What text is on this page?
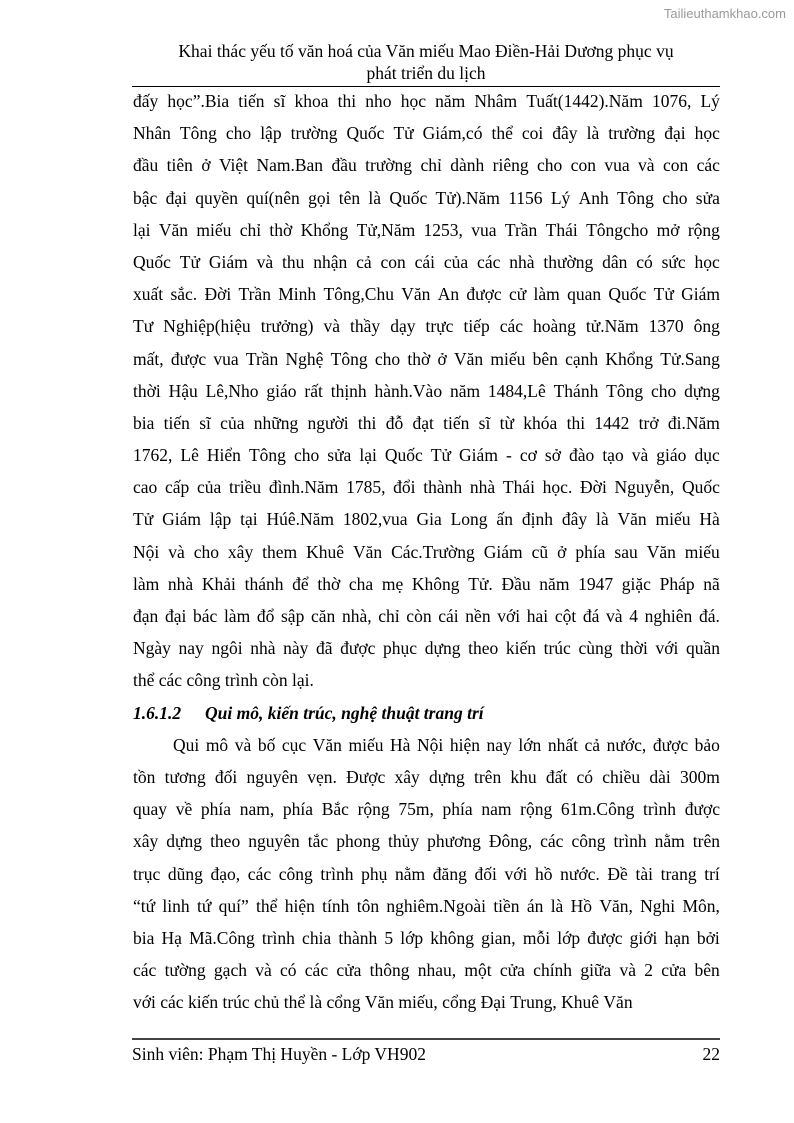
Tailieuthamkhao.com
Khai thác yếu tố văn hoá của Văn miếu Mao Điền-Hải Dương phục vụ
phát triển du lịch
đấy học”.Bia tiến sĩ khoa thi nho học năm Nhâm Tuất(1442).Năm 1076, Lý
Nhân Tông cho lập trường Quốc Tử Giám,có thể coi đây là trường đại học
đầu tiên ở Việt Nam.Ban đầu trường chỉ dành riêng cho con vua và con các
bậc đại quyền quí(nên gọi tên là Quốc Tử).Năm 1156 Lý Anh Tông cho sửa
lại Văn miếu chỉ thờ Khổng Tử,Năm 1253, vua Trần Thái Tôngcho mở rộng
Quốc Tử Giám và thu nhận cả con cái của các nhà thường dân có sức học
xuất sắc. Đời Trần Minh Tông,Chu Văn An được cử làm quan Quốc Tử Giám
Tư Nghiệp(hiệu trưởng) và thầy dạy trực tiếp các hoàng tử.Năm 1370 ông
mất, được vua Trần Nghệ Tông cho thờ ở Văn miếu bên cạnh Khổng Tử.Sang
thời Hậu Lê,Nho giáo rất thịnh hành.Vào năm 1484,Lê Thánh Tông cho dựng
bia tiến sĩ của những người thi đỗ đạt tiến sĩ từ khóa thi 1442 trở đi.Năm
1762, Lê Hiển Tông cho sửa lại Quốc Tử Giám - cơ sở đào tạo và giáo dục
cao cấp của triều đình.Năm 1785, đổi thành nhà Thái học. Đời Nguyễn, Quốc
Tử Giám lập tại Húê.Năm 1802,vua Gia Long ấn định đây là Văn miếu Hà
Nội và cho xây them Khuê Văn Các.Trường Giám cũ ở phía sau Văn miếu
làm nhà Khải thánh để thờ cha mẹ Không Tử. Đầu năm 1947 giặc Pháp nã
đạn đại bác làm đổ sập căn nhà, chỉ còn cái nền với hai cột đá và 4 nghiên đá.
Ngày nay ngôi nhà này đã được phục dựng theo kiến trúc cùng thời với quần
thể các công trình còn lại.
1.6.1.2 Qui mô, kiến trúc, nghệ thuật trang trí
Qui mô và bố cục Văn miếu Hà Nội hiện nay lớn nhất cả nước, được bảo
tồn tương đối nguyên vẹn. Được xây dựng trên khu đất có chiều dài 300m
quay về phía nam, phía Bắc rộng 75m, phía nam rộng 61m.Công trình được
xây dựng theo nguyên tắc phong thủy phương Đông, các công trình nằm trên
trục dũng đạo, các công trình phụ nằm đăng đối với hồ nước. Đề tài trang trí
“tứ linh tứ quí” thể hiện tính tôn nghiêm.Ngoài tiền án là Hồ Văn, Nghi Môn,
bia Hạ Mã.Công trình chia thành 5 lớp không gian, mỗi lớp được giới hạn bởi
các tường gạch và có các cửa thông nhau, một cửa chính giữa và 2 cửa bên
với các kiến trúc chủ thể là cổng Văn miếu, cổng Đại Trung, Khuê Văn
Sinh viên: Phạm Thị Huyền - Lớp VH902	22
